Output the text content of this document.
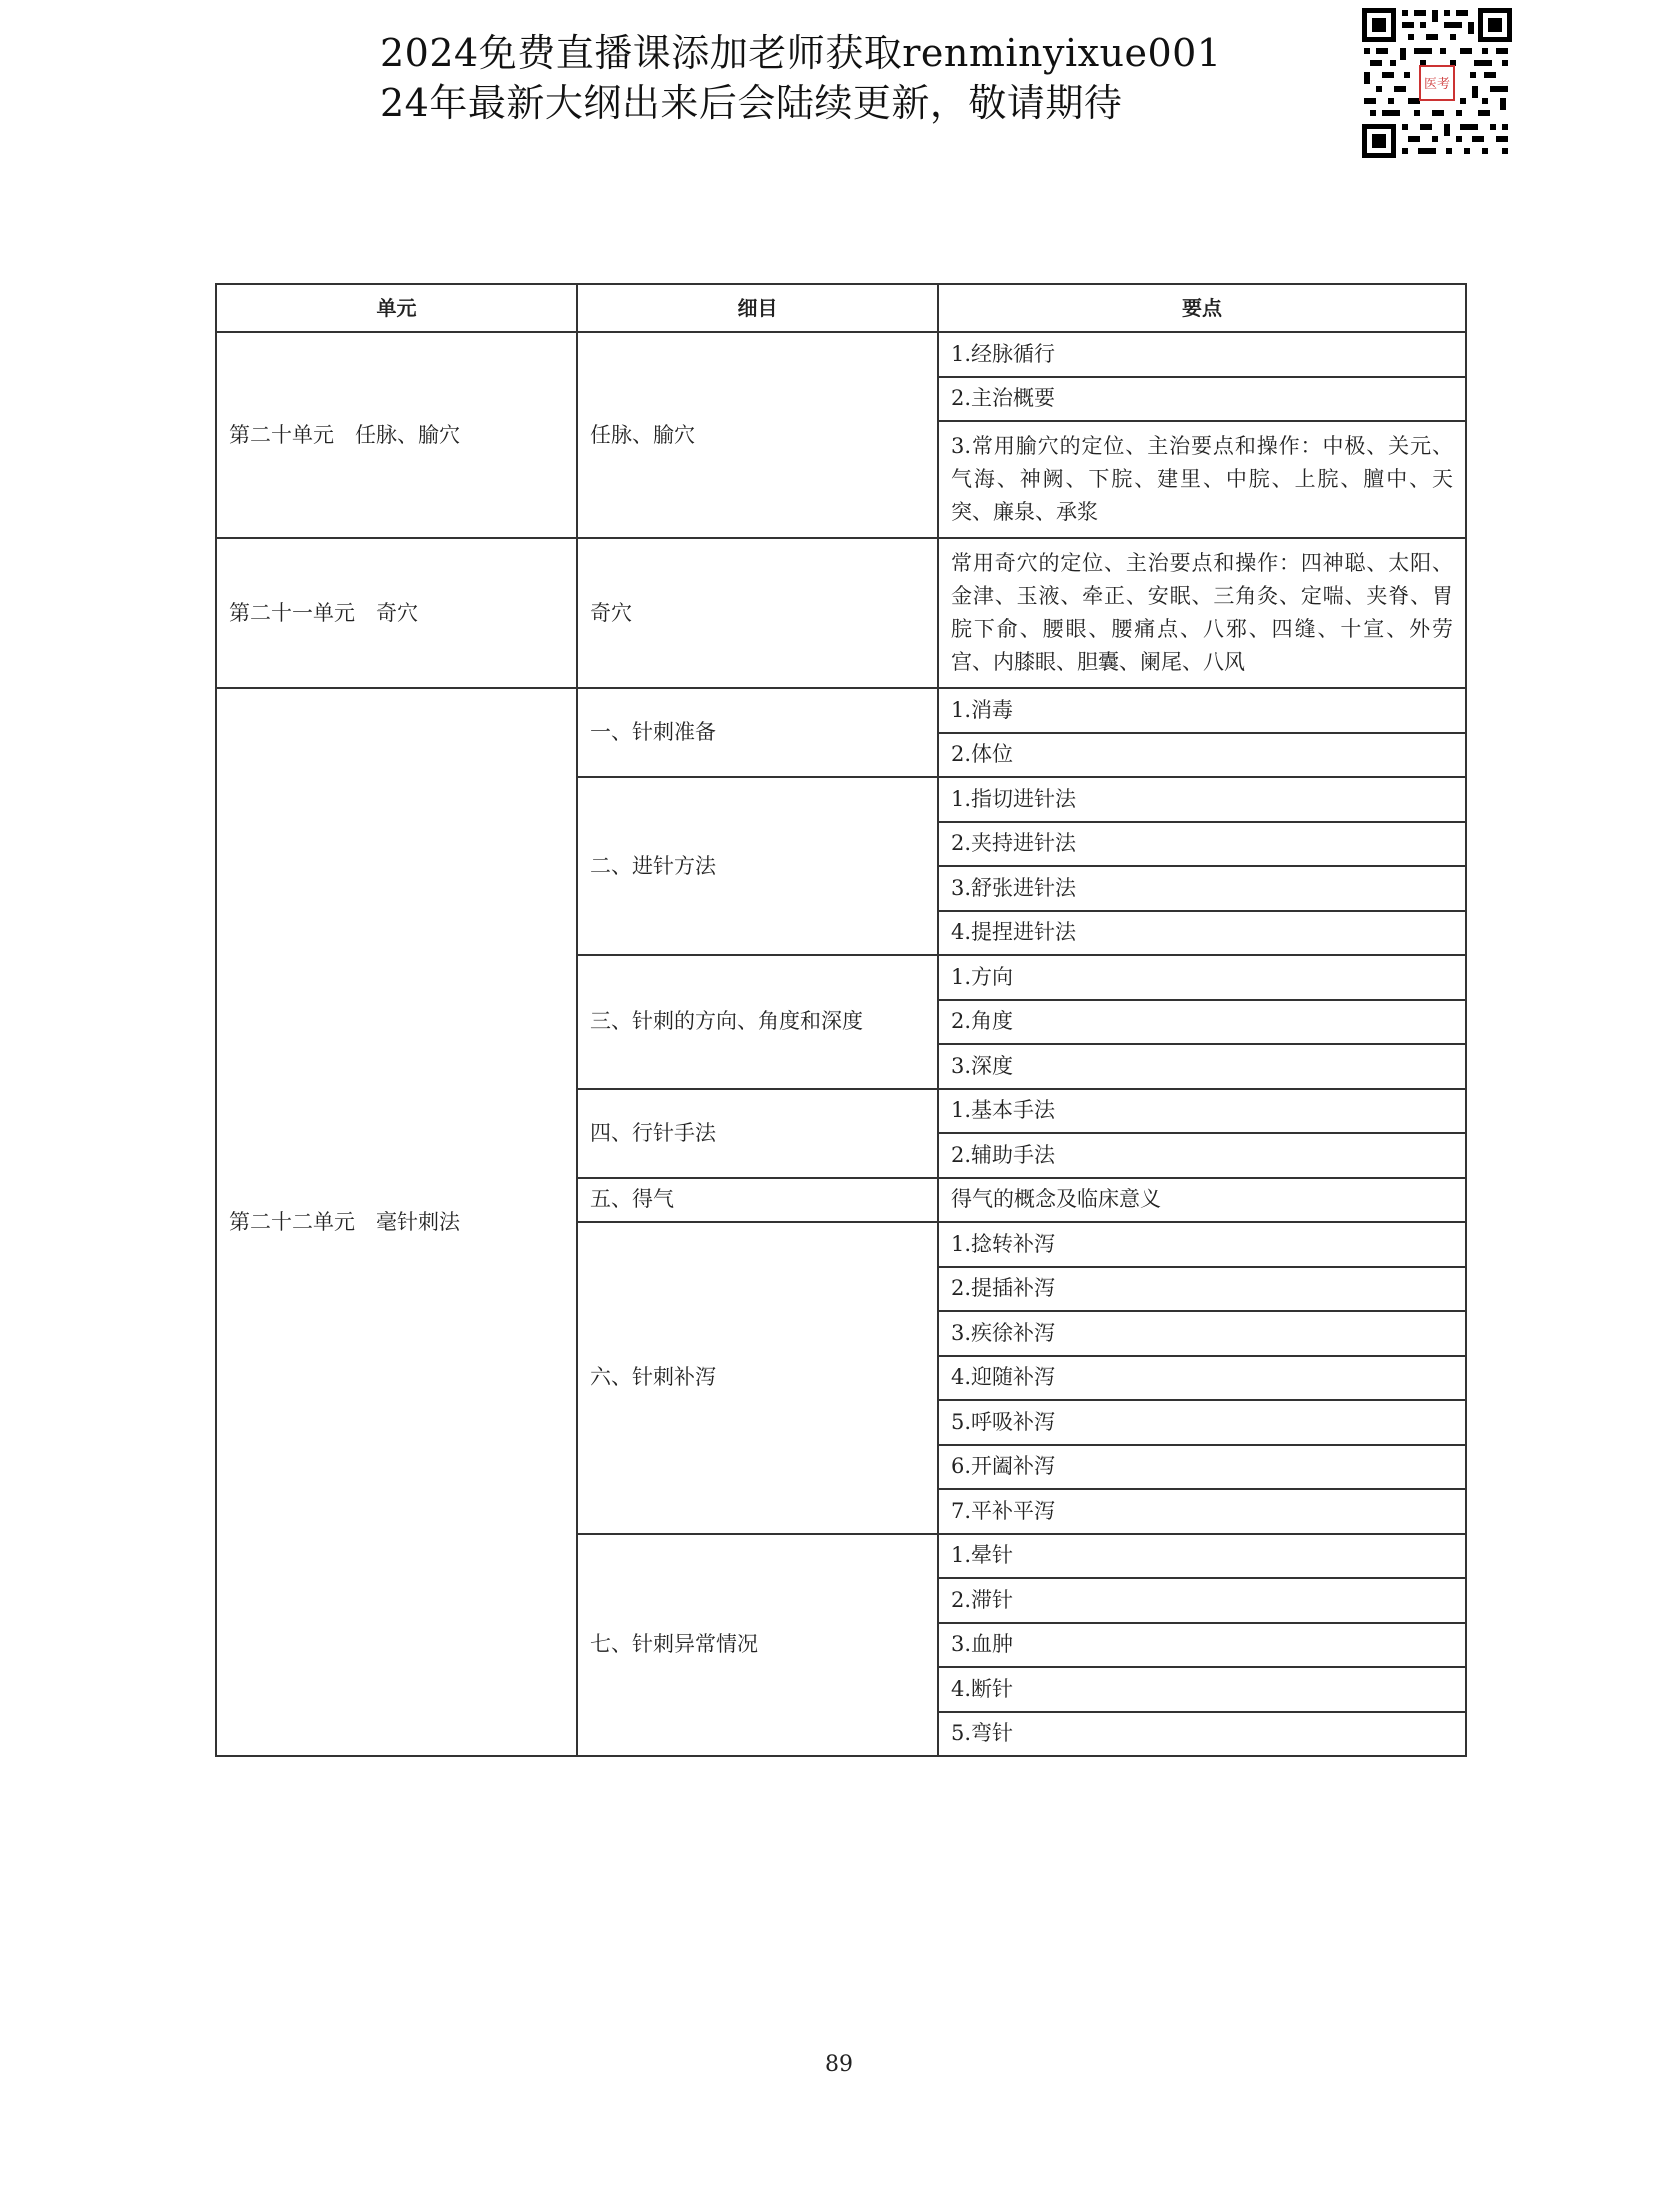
2024免费直播课添加老师获取renminyixue001
24年最新大纲出来后会陆续更新，敬请期待	医考
单元	细目	要点
第二十单元　任脉、腧穴	任脉、腧穴	1.经脉循行
		2.主治概要
		3.常用腧穴的定位、主治要点和操作：中极、关元、气海、神阙、下脘、建里、中脘、上脘、膻中、天突、廉泉、承浆
第二十一单元　奇穴	奇穴	常用奇穴的定位、主治要点和操作：四神聪、太阳、金津、玉液、牵正、安眠、三角灸、定喘、夹脊、胃脘下俞、腰眼、腰痛点、八邪、四缝、十宣、外劳宫、内膝眼、胆囊、阑尾、八风
第二十二单元　毫针刺法	一、针刺准备	1.消毒
		2.体位
	二、进针方法	1.指切进针法
		2.夹持进针法
		3.舒张进针法
		4.提捏进针法
	三、针刺的方向、角度和深度	1.方向
		2.角度
		3.深度
	四、行针手法	1.基本手法
		2.辅助手法
	五、得气	得气的概念及临床意义
	六、针刺补泻	1.捻转补泻
		2.提插补泻
		3.疾徐补泻
		4.迎随补泻
		5.呼吸补泻
		6.开阖补泻
		7.平补平泻
	七、针刺异常情况	1.晕针
		2.滞针
		3.血肿
		4.断针
		5.弯针
89
